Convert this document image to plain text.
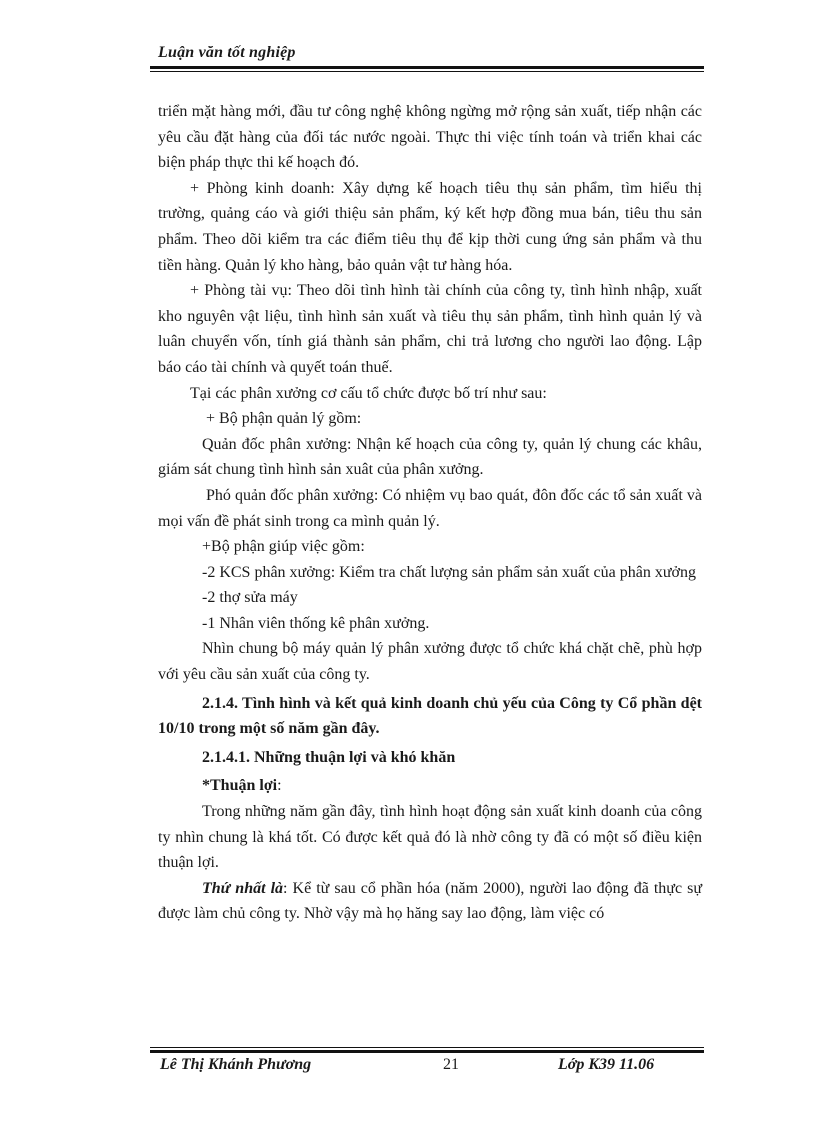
Luận văn tốt nghiệp

triển mặt hàng mới, đầu tư công nghệ không ngừng mở rộng sản xuất, tiếp nhận các yêu cầu đặt hàng của đối tác nước ngoài. Thực thi việc tính toán và triển khai các biện pháp thực thi kế hoạch đó.

+ Phòng kinh doanh: Xây dựng kế hoạch tiêu thụ sản phẩm, tìm hiểu thị trường, quảng cáo và giới thiệu sản phẩm, ký kết hợp đồng mua bán, tiêu thu sản phẩm. Theo dõi kiểm tra các điểm tiêu thụ để kịp thời cung ứng sản phẩm và thu tiền hàng. Quản lý kho hàng, bảo quản vật tư hàng hóa.

+ Phòng tài vụ: Theo dõi tình hình tài chính của công ty, tình hình nhập, xuất kho nguyên vật liệu, tình hình sản xuất và tiêu thụ sản phẩm, tình hình quản lý và luân chuyển vốn, tính giá thành sản phẩm, chi trả lương cho người lao động. Lập báo cáo tài chính và quyết toán thuế.

Tại các phân xưởng cơ cấu tổ chức được bố trí như sau:

+ Bộ phận quản lý gồm:

Quản đốc phân xưởng: Nhận kế hoạch của công ty, quản lý chung các khâu, giám sát chung tình hình sản xuât của phân xưởng.

Phó quản đốc phân xưởng: Có nhiệm vụ bao quát, đôn đốc các tổ sản xuất và mọi vấn đề phát sinh trong ca mình quản lý.

+Bộ phận giúp việc gồm:

-2 KCS phân xưởng: Kiểm tra chất lượng sản phẩm sản xuất của phân xưởng

-2 thợ sửa máy

-1 Nhân viên thống kê phân xưởng.

Nhìn chung bộ máy quản lý phân xưởng được tổ chức khá chặt chẽ, phù hợp với yêu cầu sản xuất của công ty.

2.1.4. Tình hình và kết quả kinh doanh chủ yếu của Công ty Cổ phần dệt 10/10 trong một số năm gần đây.

2.1.4.1. Những thuận lợi và khó khăn

*Thuận lợi:

Trong những năm gần đây, tình hình hoạt động sản xuất kinh doanh của công ty nhìn chung là khá tốt. Có được kết quả đó là nhờ công ty đã có một số điều kiện thuận lợi.

Thứ nhất là: Kể từ sau cổ phần hóa (năm 2000), người lao động đã thực sự được làm chủ công ty. Nhờ vậy mà họ hăng say lao động, làm việc có

Lê Thị Khánh Phương	21	Lớp K39 11.06
